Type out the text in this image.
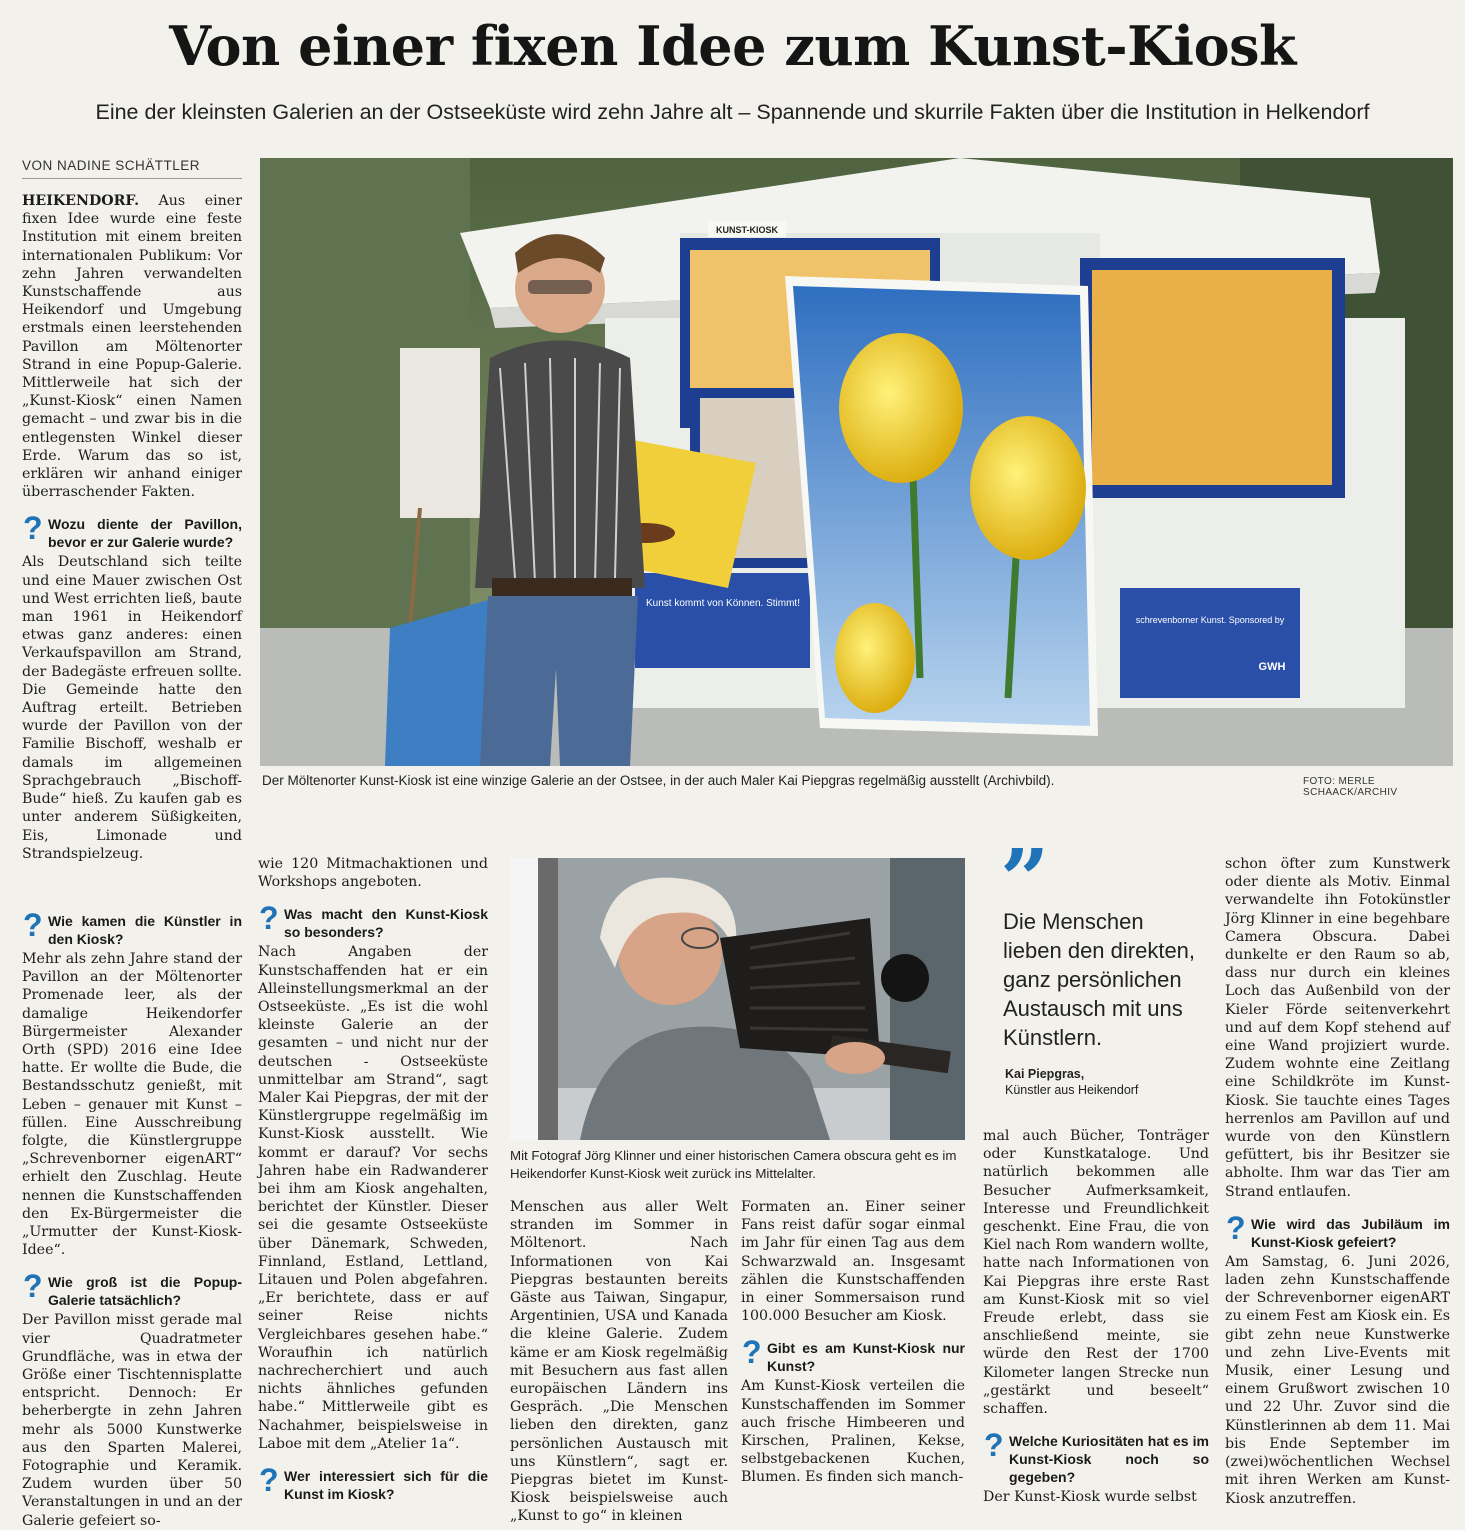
Von einer fixen Idee zum Kunst-Kiosk
Eine der kleinsten Galerien an der Ostseeküste wird zehn Jahre alt – Spannende und skurrile Fakten über die Institution in Helkendorf
VON NADINE SCHÄTTLER

HEIKENDORF. Aus einer fixen Idee wurde eine feste Institution mit einem breiten internationalen Publikum: Vor zehn Jahren verwandelten Kunstschaffende aus Heikendorf und Umgebung erstmals einen leerstehenden Pavillon am Möltenorter Strand in eine Popup-Galerie. Mittlerweile hat sich der „Kunst-Kiosk“ einen Namen gemacht – und zwar bis in die entlegensten Winkel dieser Erde. Warum das so ist, erklären wir anhand einiger überraschender Fakten.

? Wozu diente der Pavillon, bevor er zur Galerie wurde?

Als Deutschland sich teilte und eine Mauer zwischen Ost und West errichten ließ, baute man 1961 in Heikendorf etwas ganz anderes: einen Verkaufspavillon am Strand, der Badegäste erfreuen sollte. Die Gemeinde hatte den Auftrag erteilt. Betrieben wurde der Pavillon von der Familie Bischoff, weshalb er damals im allgemeinen Sprachgebrauch „Bischoff-Bude“ hieß. Zu kaufen gab es unter anderem Süßigkeiten, Eis, Limonade und Strandspielzeug.

? Wie kamen die Künstler in den Kiosk?

Mehr als zehn Jahre stand der Pavillon an der Möltenorter Promenade leer, als der damalige Heikendorfer Bürgermeister Alexander Orth (SPD) 2016 eine Idee hatte. Er wollte die Bude, die Bestandsschutz genießt, mit Leben – genauer mit Kunst – füllen. Eine Ausschreibung folgte, die Künstlergruppe „Schrevenborner eigenART“ erhielt den Zuschlag. Heute nennen die Kunstschaffenden den Ex-Bürgermeister die „Urmutter der Kunst-Kiosk-Idee“.

? Wie groß ist die Popup-Galerie tatsächlich?

Der Pavillon misst gerade mal vier Quadratmeter Grundfläche, was in etwa der Größe einer Tischtennisplatte entspricht. Dennoch: Er beherbergte in zehn Jahren mehr als 5000 Kunstwerke aus den Sparten Malerei, Fotographie und Keramik. Zudem wurden über 50 Veranstaltungen in und an der Galerie gefeiert so-

KUNST-KIOSK
Kunst kommt von Können. Stimmt!
schrevenborner Kunst. Sponsored by
GWH
Der Möltenorter Kunst-Kiosk ist eine winzige Galerie an der Ostsee, in der auch Maler Kai Piepgras regelmäßig ausstellt (Archivbild).	FOTO: MERLE SCHAACK/ARCHIV

wie 120 Mitmachaktionen und Workshops angeboten.

? Was macht den Kunst-Kiosk so besonders?

Nach Angaben der Kunstschaffenden hat er ein Alleinstellungsmerkmal an der Ostseeküste. „Es ist die wohl kleinste Galerie an der gesamten – und nicht nur der deutschen - Ostseeküste unmittelbar am Strand“, sagt Maler Kai Piepgras, der mit der Künstlergruppe regelmäßig im Kunst-Kiosk ausstellt. Wie kommt er darauf? Vor sechs Jahren habe ein Radwanderer bei ihm am Kiosk angehalten, berichtet der Künstler. Dieser sei die gesamte Ostseeküste über Dänemark, Schweden, Finnland, Estland, Lettland, Litauen und Polen abgefahren. „Er berichtete, dass er auf seiner Reise nichts Vergleichbares gesehen habe.“ Woraufhin ich natürlich nachrecherchiert und auch nichts ähnliches gefunden habe.“ Mittlerweile gibt es Nachahmer, beispielsweise in Laboe mit dem „Atelier 1a“.

? Wer interessiert sich für die Kunst im Kiosk?
Mit Fotograf Jörg Klinner und einer historischen Camera obscura geht es im Heikendorfer Kunst-Kiosk weit zurück ins Mittelalter.

Menschen aus aller Welt stranden im Sommer in Möltenort. Nach Informationen von Kai Piepgras bestaunten bereits Gäste aus Taiwan, Singapur, Argentinien, USA und Kanada die kleine Galerie. Zudem käme er am Kiosk regelmäßig mit Besuchern aus fast allen europäischen Ländern ins Gespräch. „Die Menschen lieben den direkten, ganz persönlichen Austausch mit uns Künstlern“, sagt er. Piepgras bietet im Kunst-Kiosk beispielsweise auch „Kunst to go“ in kleinen

Formaten an. Einer seiner Fans reist dafür sogar einmal im Jahr für einen Tag aus dem Schwarzwald an. Insgesamt zählen die Kunstschaffenden in einer Sommersaison rund 100.000 Besucher am Kiosk.

? Gibt es am Kunst-Kiosk nur Kunst?

Am Kunst-Kiosk verteilen die Kunstschaffenden im Sommer auch frische Himbeeren und Kirschen, Pralinen, Kekse, selbstgebackenen Kuchen, Blumen. Es finden sich manch-

”
Die Menschen lieben den direkten, ganz persönlichen Austausch mit uns Künstlern.
Kai Piepgras,
Künstler aus Heikendorf

mal auch Bücher, Tonträger oder Kunstkataloge. Und natürlich bekommen alle Besucher Aufmerksamkeit, Interesse und Freundlichkeit geschenkt. Eine Frau, die von Kiel nach Rom wandern wollte, hatte nach Informationen von Kai Piepgras ihre erste Rast am Kunst-Kiosk mit so viel Freude erlebt, dass sie anschließend meinte, sie würde den Rest der 1700 Kilometer langen Strecke nun „gestärkt und beseelt“ schaffen.

? Welche Kuriositäten hat es im Kunst-Kiosk noch so gegeben?

Der Kunst-Kiosk wurde selbst

schon öfter zum Kunstwerk oder diente als Motiv. Einmal verwandelte ihn Fotokünstler Jörg Klinner in eine begehbare Camera Obscura. Dabei dunkelte er den Raum so ab, dass nur durch ein kleines Loch das Außenbild von der Kieler Förde seitenverkehrt und auf dem Kopf stehend auf eine Wand projiziert wurde. Zudem wohnte eine Zeitlang eine Schildkröte im Kunst-Kiosk. Sie tauchte eines Tages herrenlos am Pavillon auf und wurde von den Künstlern gefüttert, bis ihr Besitzer sie abholte. Ihm war das Tier am Strand entlaufen.

? Wie wird das Jubiläum im Kunst-Kiosk gefeiert?

Am Samstag, 6. Juni 2026, laden zehn Kunstschaffende der Schrevenborner eigenART zu einem Fest am Kiosk ein. Es gibt zehn neue Kunstwerke und zehn Live-Events mit Musik, einer Lesung und einem Grußwort zwischen 10 und 22 Uhr. Zuvor sind die Künstlerinnen ab dem 11. Mai bis Ende September im (zwei)wöchentlichen Wechsel mit ihren Werken am Kunst-Kiosk anzutreffen.
